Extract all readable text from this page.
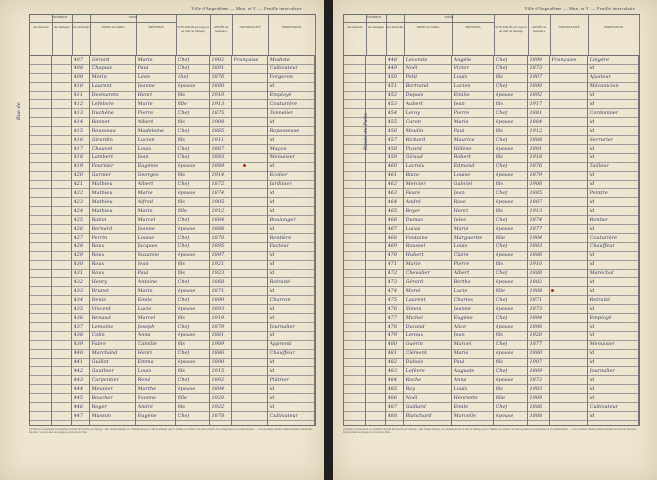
Ville d'Angoulême — Mun. et V. — Feuille intercalaire
des maisons	des ménages des individus	NOMS de famille	PRÉNOMS	SITUATION par rapport au chef de ménage
ANNÉE de naissance
NATIONALITÉ	PROFESSION
NUMÉROS	NOMS
407 Gérard	Marie	Chef	1902 Française Modiste
408 Chapuis	Paul	Chef	1891	Cultivateur
409 Morin	Léon	chef	1876	Forgeron
410 Laurent	Jeanne	épouse	1880	id
411 Desmarets	Henri	fils	1910	Employé
412 Lefebvre	Marie	fille	1913	Couturière
413 Duchêne	Pierre	Chef	1875	Tonnelier
414 Bonnet	Albert	fils	1908	id
415 Rousseau	Madeleine	Chef	1885	Repasseuse
416 Girardin	Lucien	fils	1911	id
417 Chauvet	Louis	Chef	1887	Maçon
418 Lambert	Jean	Chef	1883	Menuisier
419 Fournier	Eugénie	épouse	1889	id
420 Garnier	Georges	fils	1914	Ecolier
421 Mathieu	Albert	Chef	1872	Jardinier
422 Mathieu	Marie	épouse	1874	id
423 Mathieu	Alfred	fils	1905	id
424 Mathieu	Marie	fille	1912	id
425 Robin	Marcel	Chef	1884	Boulanger
426 Bernard	Jeanne	épouse	1888	id
427 Perrin	Louise	Chef	1870	Rentière
428 Roux	Jacques	Chef	1895	Facteur
429 Roux	Suzanne	épouse	1897	id
430 Roux	Jean	fils	1921	id
431 Roux	Paul	fils	1923	id
432 Henry	Antoine	Chef	1868	Retraité
433 Brunet	Marie	épouse	1871	id
434 Denis	Emile	Chef	1890	Charron
435 Vincent	Lucie	épouse	1893	id
436 Renaud	Marcel	fils	1919	id
437 Lemoine	Joseph	Chef	1879	Journalier
438 Colin	Anna	épouse	1881	id
439 Fabre	Camille	fils	1909	Apprenti
440 Marchand	Henri	Chef	1886	Chauffeur
441 Guillot	Emma	épouse	1890	id
442 Gauthier	Louis	fils	1915	id
443 Carpentier	René	Chef	1892	Plâtrier
444 Meunier	Marthe	épouse	1894	id
445 Boucher	Yvonne	fille	1920	id
446 Roger	André	fils	1922	id
447 Masson	Eugène	Chef	1878	Cultivateur
Rue de
(1) Dans le recensement, les individus doivent être inscrits par ménage ; dans chaque ménage, en commençant par le chef de ménage, puis sa femme, ses enfants, les autres parents, les domestiques et les pensionnaires. — Les personnes absentes temporairement doivent être inscrites ; les personnes de passage ne doivent pas l'être.
Ville d'Angoulême — Mun. et V. — Feuille intercalaire
des maisons	des ménages des individus	NOMS de famille	PRÉNOMS	SITUATION par rapport au chef de ménage
ANNÉE de naissance
NATIONALITÉ	PROFESSION
NUMÉROS	NOMS
448 Lecomte	Angèle	Chef	1899 Française	Lingère
449 Noël	Victor	Chef	1873	id
450 Petit	Louis	fils	1907	Ajusteur
451 Bertrand	Lucien	Chef	1890	Mécanicien
452 Dupuis	Emilie	épouse	1892	id
453 Aubert	Jean	fils	1917	id
454 Leroy	Pierre	Chef	1881	Cordonnier
455 Caron	Marie	épouse	1884	id
456 Moulin	Paul	fils	1912	id
457 Richard	Maurice	Chef	1888	Serrurier
458 Picard	Hélène	épouse	1891	id
459 Giraud	Robert	fils	1918	id
460 Lacroix	Edmond	Chef	1876	Tailleur
461 Blanc	Louise	épouse	1879	id
462 Mercier	Gabriel	fils	1906	id
463 Faure	Jean	Chef	1885	Peintre
464 André	Rose	épouse	1887	id
465 Boyer	Henri	fils	1913	id
466 Dumas	Jules	Chef	1874	Rentier
467 Lucas	Marie	épouse	1877	id
468 Fontaine	Marguerite	fille	1904	Couturière
469 Roussel	Louis	Chef	1883	Chauffeur
470 Hubert	Claire	épouse	1886	id
471 Marie	Pierre	fils	1910	id
472 Chevalier	Albert	Chef	1880	Maréchal
473 Gérard	Berthe	épouse	1882	id
474 Morel	Lucie	fille	1908	id
475 Laurent	Charles	Chef	1871	Retraité
476 Simon	Jeanne	épouse	1873	id
477 Michel	Eugène	Chef	1894	Employé
478 Durand	Alice	épouse	1896	id
479 Leroux	Jean	fils	1920	id
480 Guérin	Marcel	Chef	1877	Menuisier
481 Clément	Marie	épouse	1880	id
482 Dubois	Paul	fils	1907	id
483 Lefèvre	Auguste	Chef	1869	Journalier
484 Roche	Anna	épouse	1872	id
485 Rey	Louis	fils	1903	id
486 Noël	Henriette	fille	1909	id
487 Gaillard	Emile	Chef	1886	Cultivateur
488 Blanchard	Marcelle	épouse	1888	id
Route de Paris
(1) Dans le recensement, les individus doivent être inscrits par ménage ; dans chaque ménage, en commençant par le chef de ménage, puis sa femme, ses enfants, les autres parents, les domestiques et les pensionnaires. — Les personnes absentes temporairement doivent être inscrites ; les personnes de passage ne doivent pas l'être.
